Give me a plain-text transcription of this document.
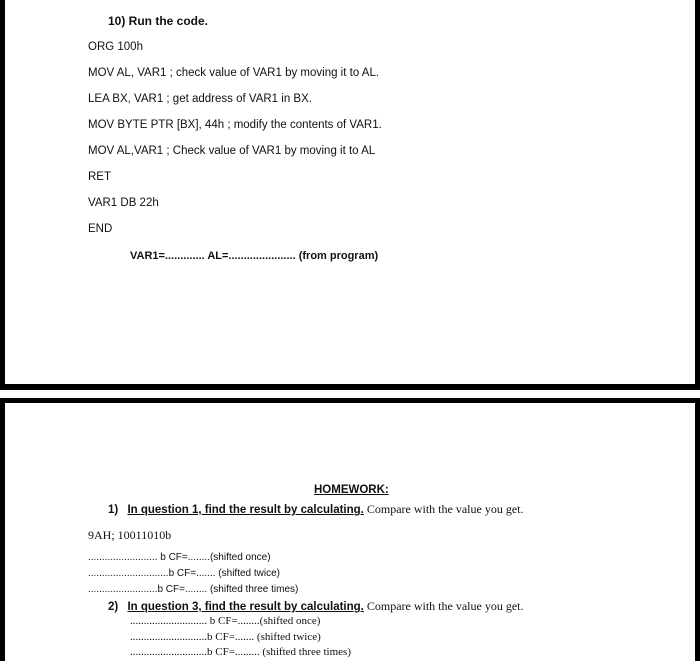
10) Run the code.
ORG 100h
MOV AL, VAR1 ; check value of VAR1 by moving it to AL.
LEA BX, VAR1 ; get address of VAR1 in BX.
MOV BYTE PTR [BX], 44h ; modify the contents of VAR1.
MOV AL,VAR1 ; Check value of VAR1 by moving it to AL
RET
VAR1 DB 22h
END
VAR1=............. AL=...................... (from program)
HOMEWORK:
1) In question 1, find the result by calculating. Compare with the value you get.
9AH; 10011010b
......................... b CF=........(shifted once)
.............................b CF=....... (shifted twice)
.........................b CF=........ (shifted three times)
2) In question 3, find the result by calculating. Compare with the value you get.
............................ b CF=........(shifted once)
............................b CF=....... (shifted twice)
............................b CF=......... (shifted three times)
